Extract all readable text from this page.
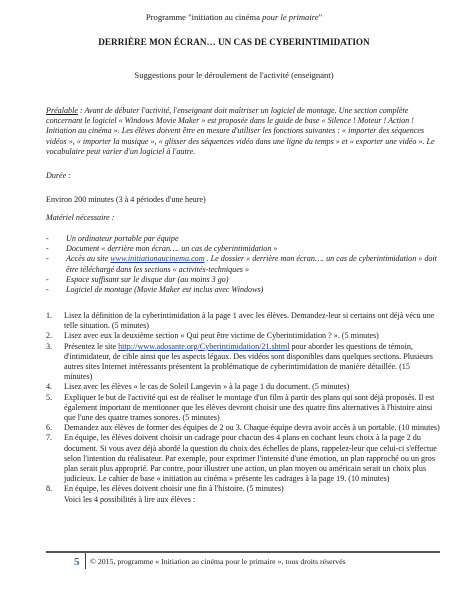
Programme "initiation au cinéma pour le primaire"
DERRIÈRE MON ÉCRAN… UN CAS DE CYBERINTIMIDATION
Suggestions pour le déroulement de l'activité (enseignant)
Préalable : Avant de débuter l'activité, l'enseignant doit maîtriser un logiciel de montage. Une section complète concernant le logiciel « Windows Movie Maker » est proposée dans le guide de base « Silence ! Moteur ! Action ! Initiation au cinéma ». Les élèves doivent être en mesure d'utiliser les fonctions suivantes : « importer des séquences vidéos », « importer la musique », « glisser des séquences vidéo dans une ligne du temps » et « exporter une vidéo ». Le vocabulaire peut varier d'un logiciel à l'autre.
Durée :
Environ 200 minutes (3 à 4 périodes d'une heure)
Matériel nécessaire :
- Un ordinateur portable par équipe
- Document « derrière mon écran…. un cas de cyberintimidation »
- Accès au site www.initiationaucinema.com . Le dossier « derrière mon écran…. un cas de cyberintimidation » doit être téléchargé dans les sections « activités-techniques »
- Espace suffisant sur le disque dur (au moins 3 go)
- Logiciel de montage (Movie Maker est inclus avec Windows)
1. Lisez la définition de la cyberintimidation à la page 1 avec les élèves. Demandez-leur si certains ont déjà vécu une telle situation. (5 minutes)
2. Lisez avec eux la deuxième section « Qui peut être victime de Cyberintimidation ? ». (5 minutes)
3. Présentez le site http://www.adosante.org/Cyberintimidation/21.shtml pour aborder les questions de témoin, d'intimidateur, de cible ainsi que les aspects légaux. Des vidéos sont disponibles dans quelques sections. Plusieurs autres sites Internet intéressants présentent la problématique de cyberintimidation de manière détaillée. (15 minutes)
4. Lisez avec les élèves « le cas de Soleil Langevin » à la page 1 du document. (5 minutes)
5. Expliquer le but de l'activité qui est de réaliser le montage d'un film à partir des plans qui sont déjà proposés. Il est également important de mentionner que les élèves devront choisir une des quatre fins alternatives à l'histoire ainsi que l'une des quatre trames sonores. (5 minutes)
6. Demandez aux élèves de former des équipes de 2 ou 3. Chaque équipe devra avoir accès à un portable. (10 minutes)
7. En équipe, les élèves doivent choisir un cadrage pour chacun des 4 plans en cochant leurs choix à la page 2 du document. Si vous avez déjà abordé la question du choix des échelles de plans, rappelez-leur que celui-ci s'effectue selon l'intention du réalisateur. Par exemple, pour exprimer l'intensité d'une émotion, un plan rapproché ou un gros plan serait plus approprié. Par contre, pour illustrer une action, un plan moyen ou américain serait un choix plus judicieux. Le cahier de base « initiation au cinéma » présente les cadrages à la page 19. (10 minutes)
8. En équipe, les élèves doivent choisir une fin à l'histoire. (5 minutes)
Voici les 4 possibilités à lire aux élèves :
5 © 2015, programme « Initiation au cinéma pour le primaire », tous droits réservés
